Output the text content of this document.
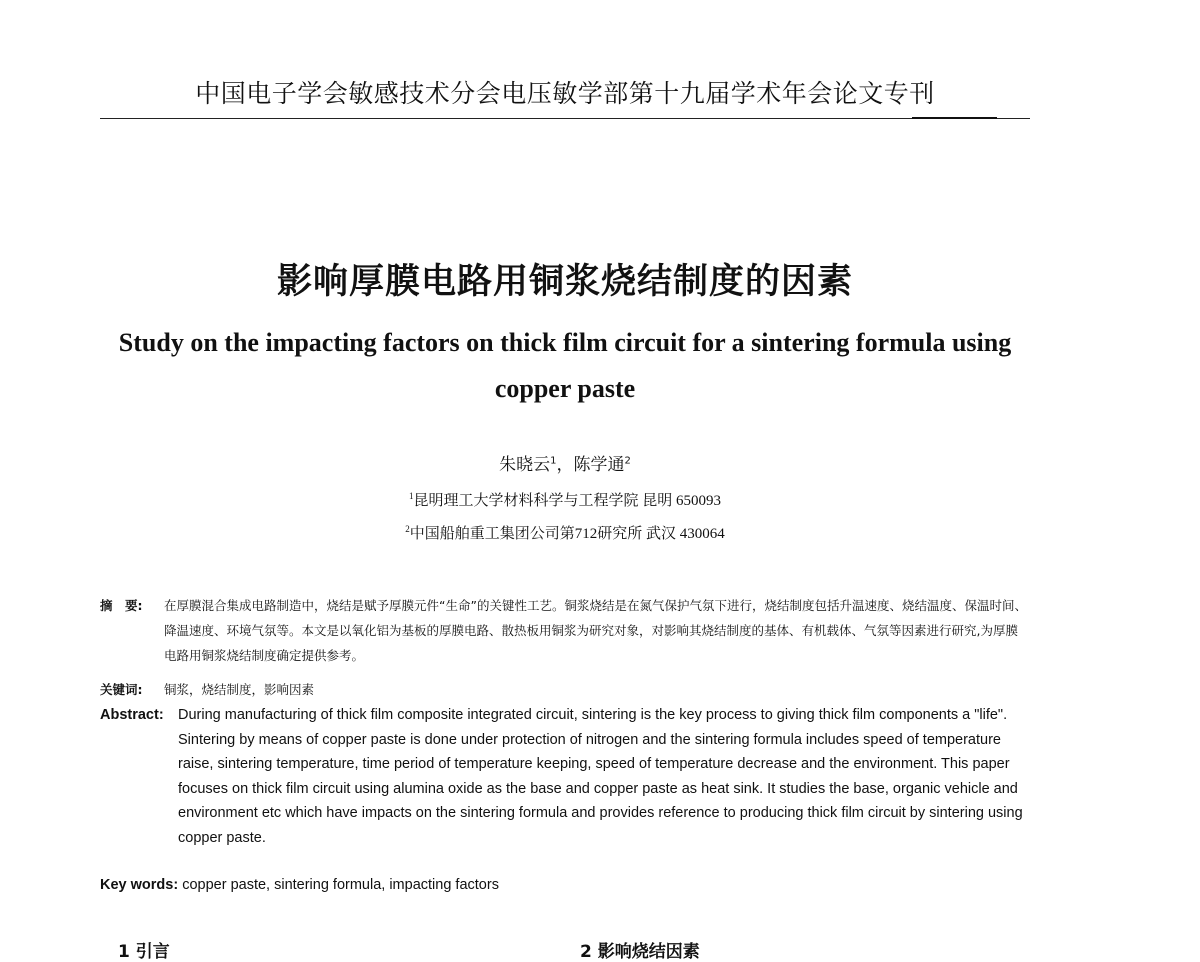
中国电子学会敏感技术分会电压敏学部第十九届学术年会论文专刊
影响厚膜电路用铜浆烧结制度的因素
Study on the impacting factors on thick film circuit for a sintering formula using copper paste
朱晓云$^1$，陈学通$^2$
$^1$昆明理工大学材料科学与工程学院 昆明 650093
$^2$中国船舶重工集团公司第712研究所 武汉 430064
摘　要: 在厚膜混合集成电路制造中，烧结是赋予厚膜元件“生命”的关键性工艺。铜浆烧结是在氮气保护气氛下进行，烧结制度包括升温速度、烧结温度、保温时间、降温速度、环境气氛等。本文是以氧化铝为基板的厚膜电路、散热板用铜浆为研究对象，对影响其烧结制度的基体、有机载体、气氛等因素进行研究,为厚膜电路用铜浆烧结制度确定提供参考。
关键词: 铜浆，烧结制度，影响因素
Abstract: During manufacturing of thick film composite integrated circuit, sintering is the key process to giving thick film components a "life". Sintering by means of copper paste is done under protection of nitrogen and the sintering formula includes speed of temperature raise, sintering temperature, time period of temperature keeping, speed of temperature decrease and the environment. This paper focuses on thick film circuit using alumina oxide as the base and copper paste as heat sink. It studies the base, organic vehicle and environment etc which have impacts on the sintering formula and provides reference to producing thick film circuit by sintering using copper paste.
Key words: copper paste, sintering formula, impacting factors
1 引言	2 影响烧结因素
